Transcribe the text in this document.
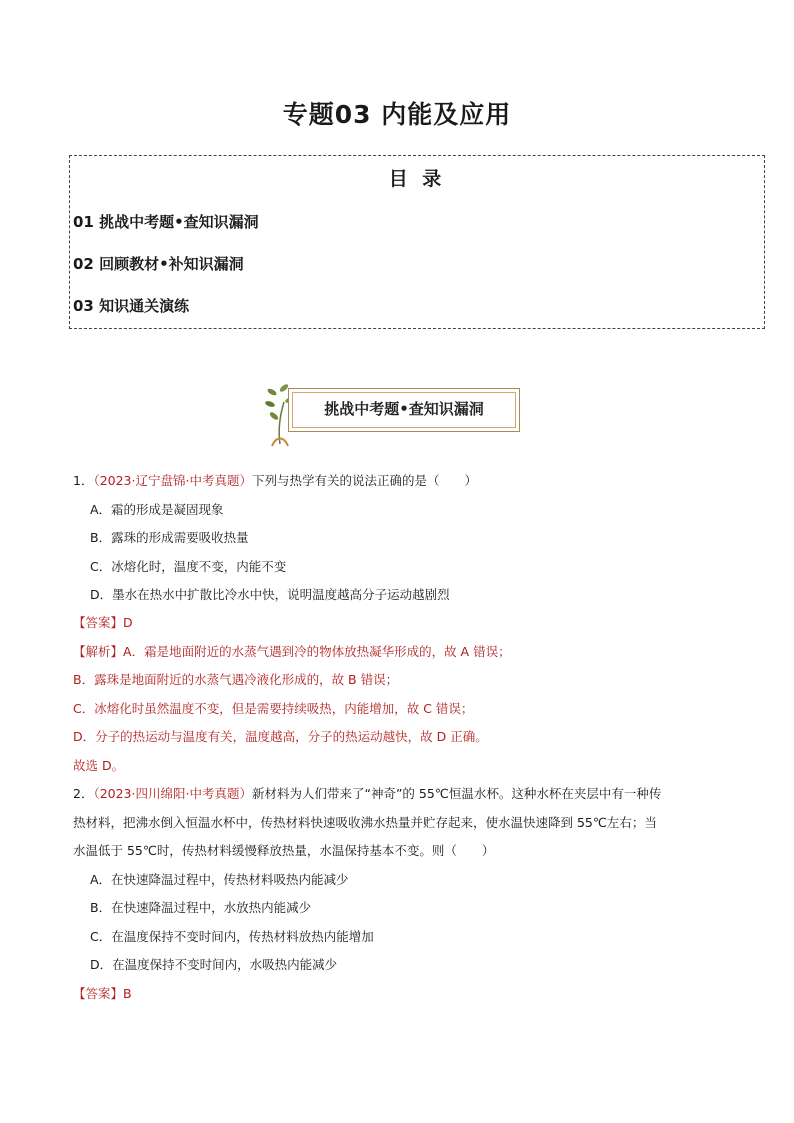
专题03 内能及应用
目 录
01 挑战中考题•查知识漏洞
02 回顾教材•补知识漏洞
03 知识通关演练
挑战中考题•查知识漏洞
1．（2023·辽宁盘锦·中考真题）下列与热学有关的说法正确的是（　　）
A．霜的形成是凝固现象
B．露珠的形成需要吸收热量
C．冰熔化时，温度不变，内能不变
D．墨水在热水中扩散比冷水中快，说明温度越高分子运动越剧烈
【答案】D
【解析】A．霜是地面附近的水蒸气遇到冷的物体放热凝华形成的，故 A 错误；
B．露珠是地面附近的水蒸气遇冷液化形成的，故 B 错误；
C．冰熔化时虽然温度不变，但是需要持续吸热，内能增加，故 C 错误；
D．分子的热运动与温度有关，温度越高，分子的热运动越快，故 D 正确。
故选 D。
2．（2023·四川绵阳·中考真题）新材料为人们带来了“神奇”的 55℃恒温水杯。这种水杯在夹层中有一种传
热材料，把沸水倒入恒温水杯中，传热材料快速吸收沸水热量并贮存起来，使水温快速降到 55℃左右；当
水温低于 55℃时，传热材料缓慢释放热量，水温保持基本不变。则（　　）
A．在快速降温过程中，传热材料吸热内能减少
B．在快速降温过程中，水放热内能减少
C．在温度保持不变时间内，传热材料放热内能增加
D．在温度保持不变时间内，水吸热内能减少
【答案】B
